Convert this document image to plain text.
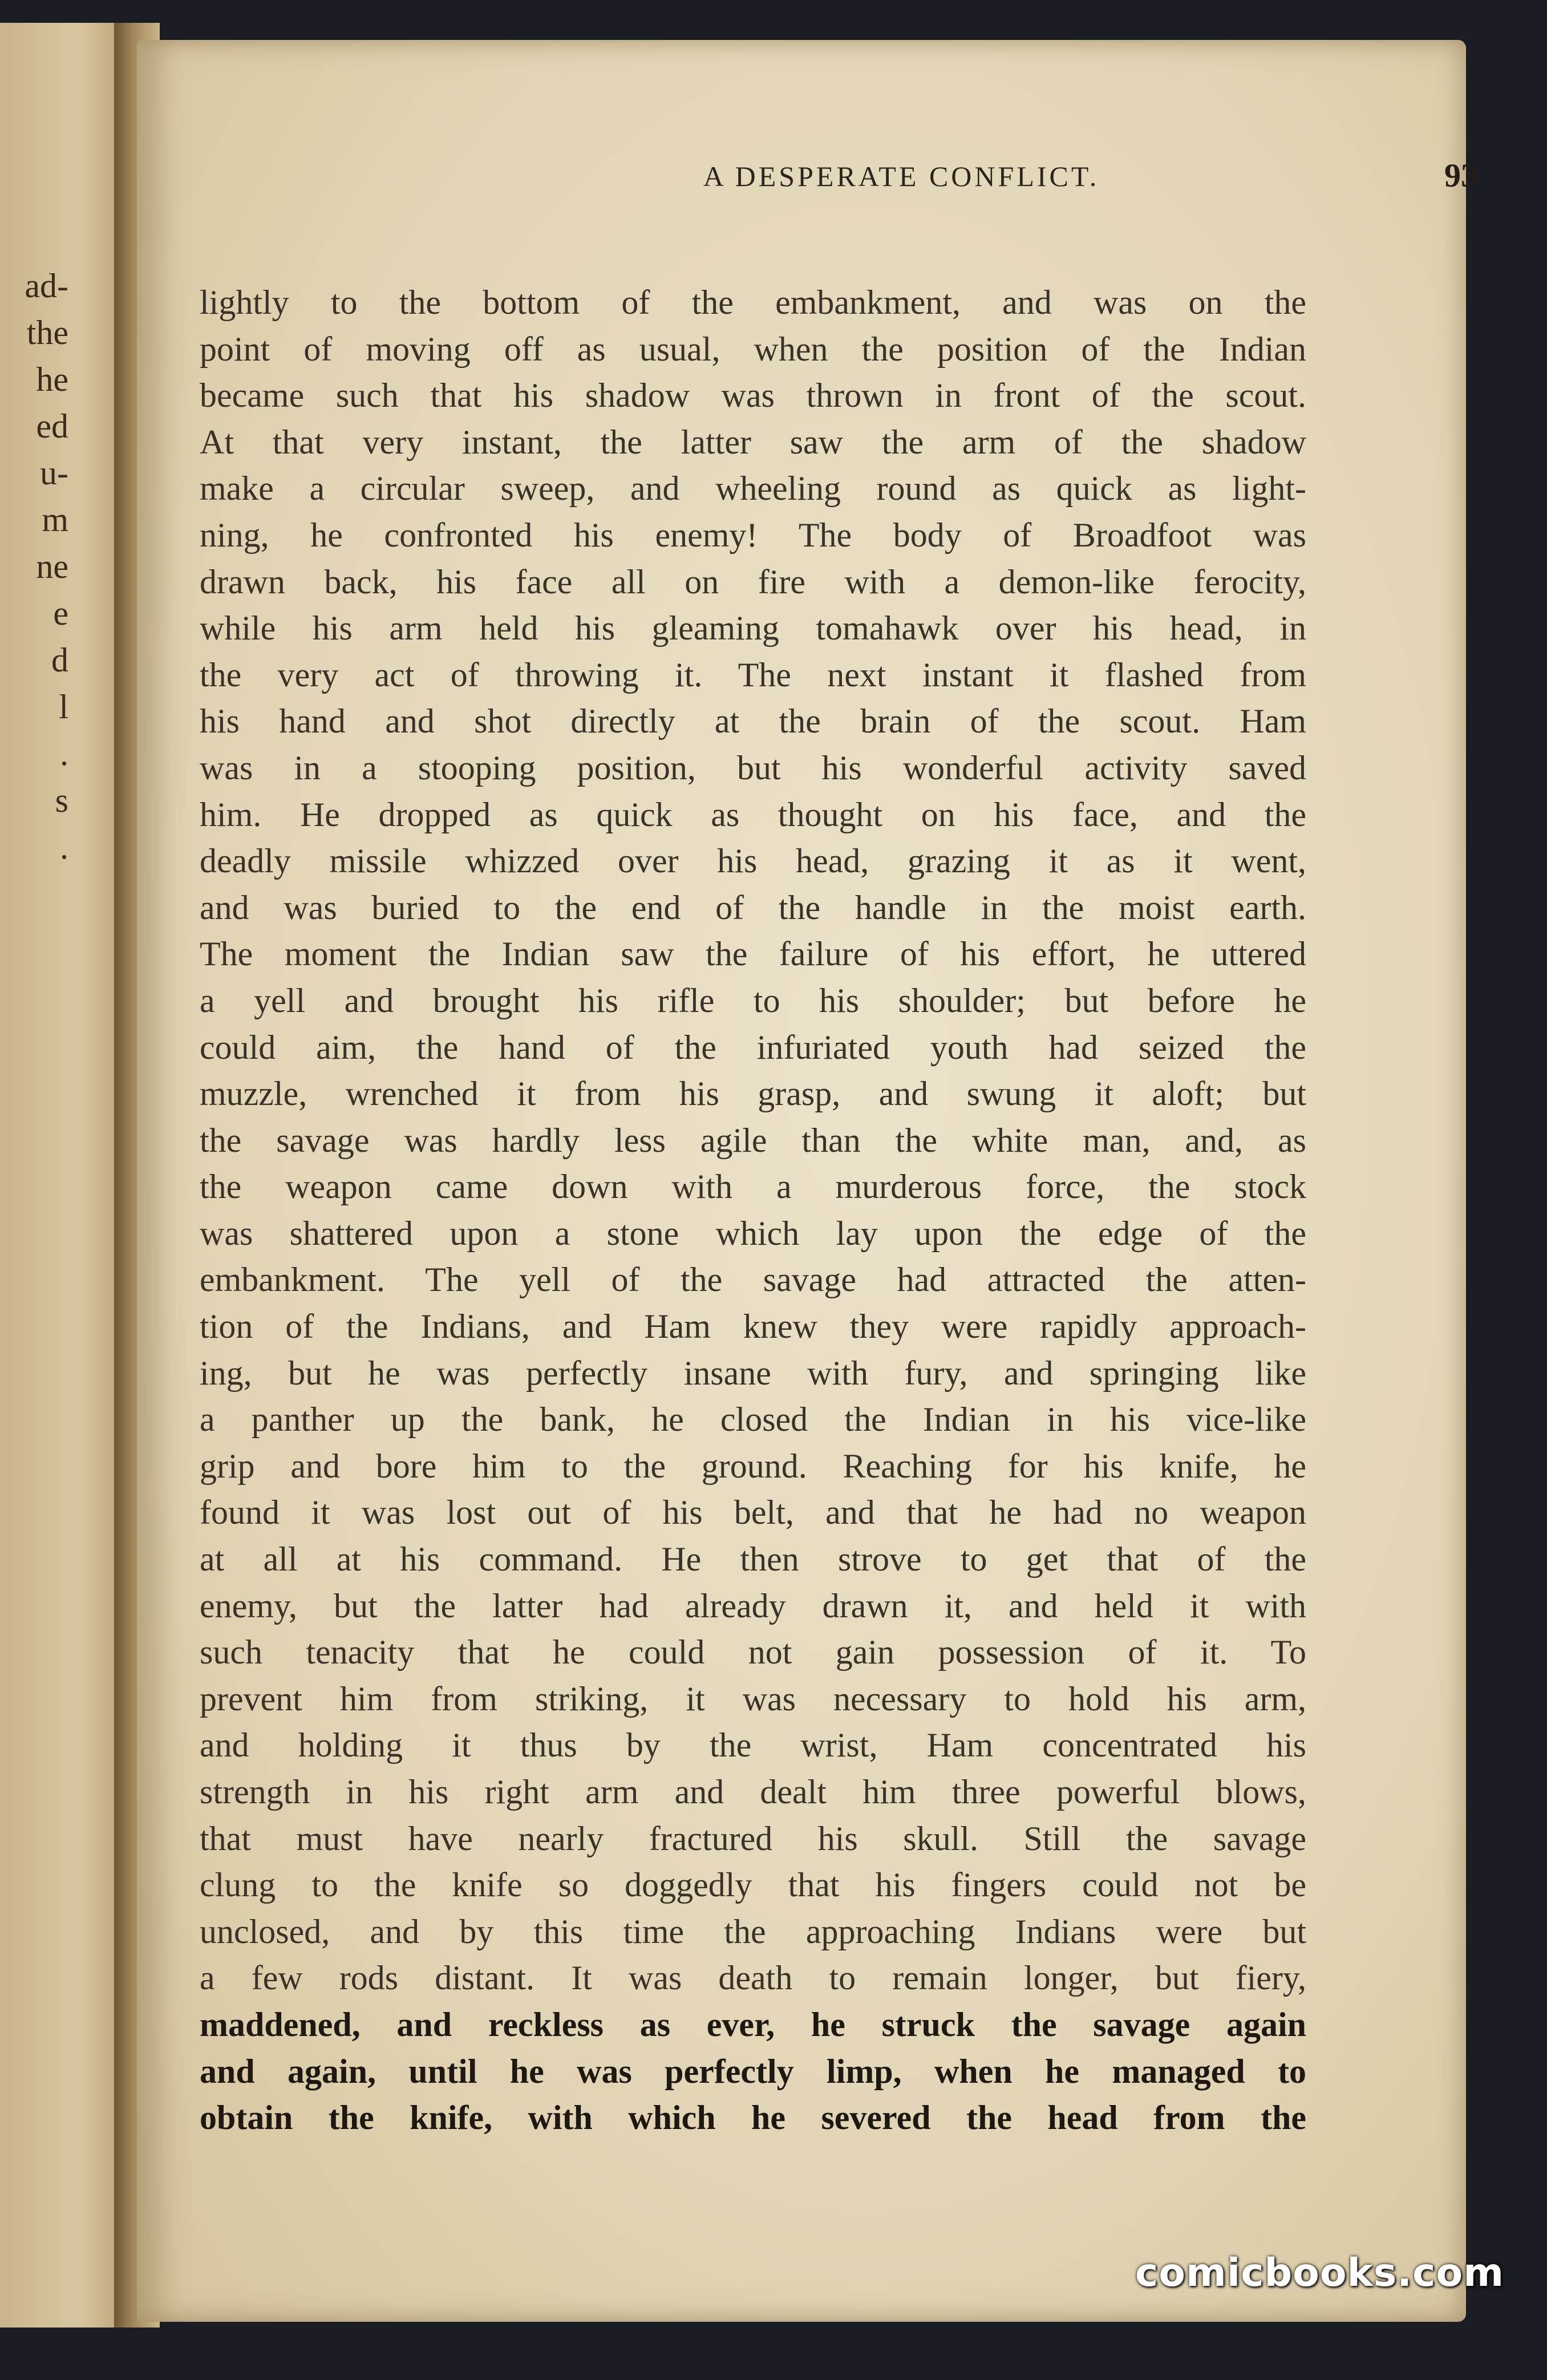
ad-
the
he
ed
u-
m
ne
e
d
l
.
s
.
A DESPERATE CONFLICT.	93
lightly to the bottom of the embankment, and was on the
point of moving off as usual, when the position of the Indian
became such that his shadow was thrown in front of the scout.
At that very instant, the latter saw the arm of the shadow
make a circular sweep, and wheeling round as quick as light-
ning, he confronted his enemy! The body of Broadfoot was
drawn back, his face all on fire with a demon-like ferocity,
while his arm held his gleaming tomahawk over his head, in
the very act of throwing it. The next instant it flashed from
his hand and shot directly at the brain of the scout. Ham
was in a stooping position, but his wonderful activity saved
him. He dropped as quick as thought on his face, and the
deadly missile whizzed over his head, grazing it as it went,
and was buried to the end of the handle in the moist earth.
The moment the Indian saw the failure of his effort, he uttered
a yell and brought his rifle to his shoulder; but before he
could aim, the hand of the infuriated youth had seized the
muzzle, wrenched it from his grasp, and swung it aloft; but
the savage was hardly less agile than the white man, and, as
the weapon came down with a murderous force, the stock
was shattered upon a stone which lay upon the edge of the
embankment. The yell of the savage had attracted the atten-
tion of the Indians, and Ham knew they were rapidly approach-
ing, but he was perfectly insane with fury, and springing like
a panther up the bank, he closed the Indian in his vice-like
grip and bore him to the ground. Reaching for his knife, he
found it was lost out of his belt, and that he had no weapon
at all at his command. He then strove to get that of the
enemy, but the latter had already drawn it, and held it with
such tenacity that he could not gain possession of it. To
prevent him from striking, it was necessary to hold his arm,
and holding it thus by the wrist, Ham concentrated his
strength in his right arm and dealt him three powerful blows,
that must have nearly fractured his skull. Still the savage
clung to the knife so doggedly that his fingers could not be
unclosed, and by this time the approaching Indians were but
a few rods distant. It was death to remain longer, but fiery,
maddened, and reckless as ever, he struck the savage again
and again, until he was perfectly limp, when he managed to
obtain the knife, with which he severed the head from the
comicbooks.com
